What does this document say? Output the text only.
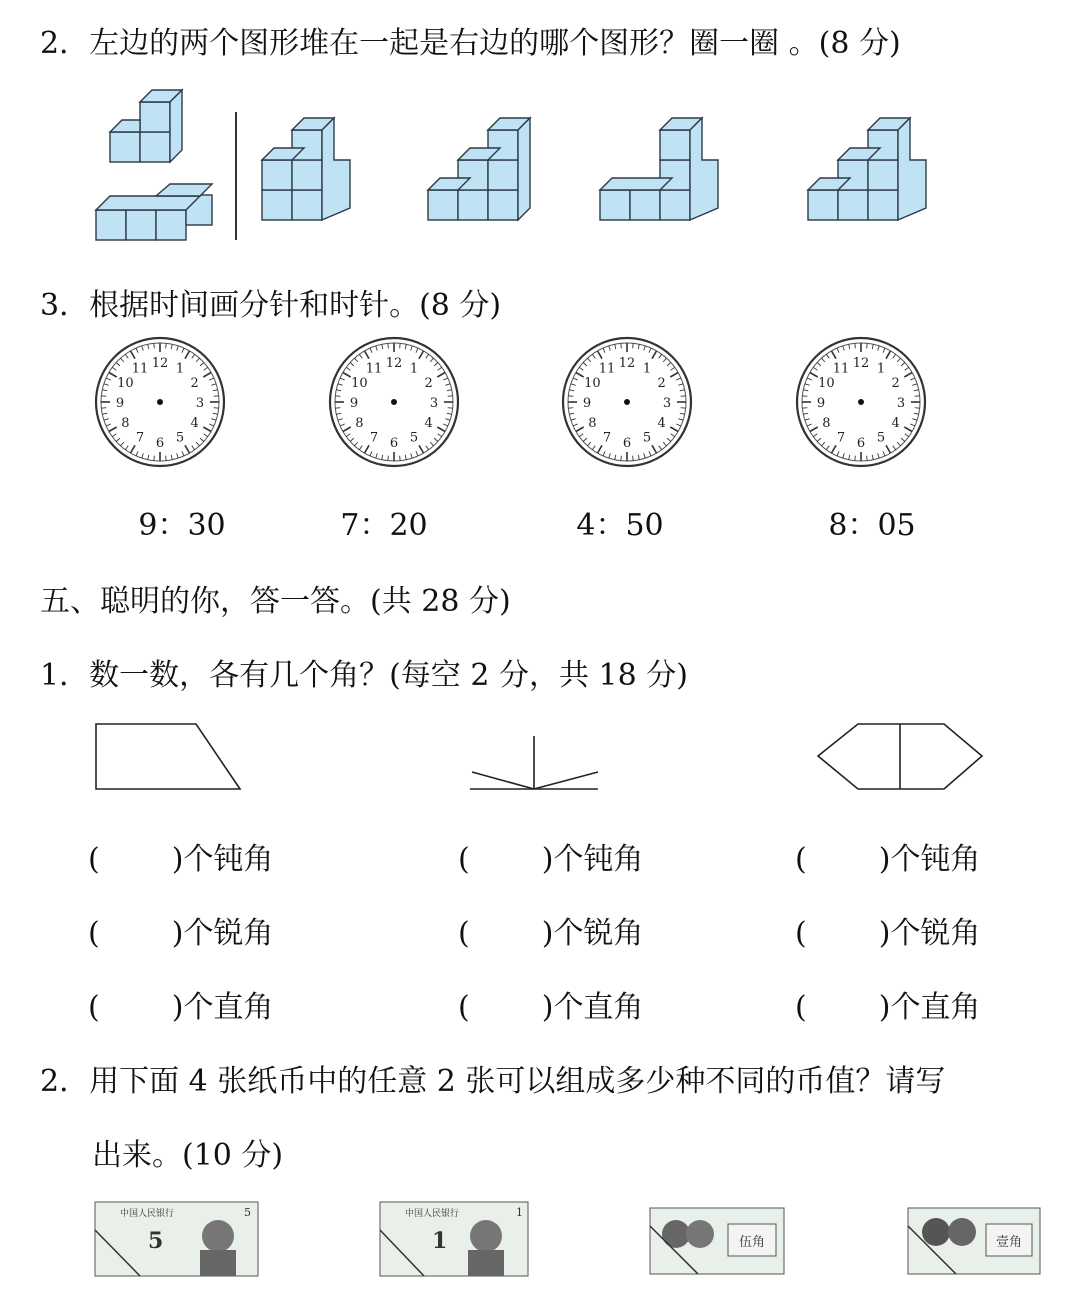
2．左边的两个图形堆在一起是右边的哪个图形？圈一圈 。(8 分)
3．根据时间画分针和时针。(8 分)
12 1
2
3
4
5
6
7
8
9
10
11	12 1
2
3
4
5
6
7
8
9
10
11	12 1
2
3
4
5
6
7
8
9
10
11	12 1
2
3
4
5
6
7
8
9
10
11
9：30	7：20	4：50	8：05
五、聪明的你，答一答。(共 28 分)
1．数一数，各有几个角？(每空 2 分，共 18 分)
( )个钝角	( )个钝角	( )个钝角
( )个锐角	( )个锐角	( )个锐角
( )个直角	( )个直角	( )个直角
2．用下面 4 张纸币中的任意 2 张可以组成多少种不同的币值？请写
出来。(10 分)
中国人民银行
5
5	中国人民银行
1
1
伍角	壹角
